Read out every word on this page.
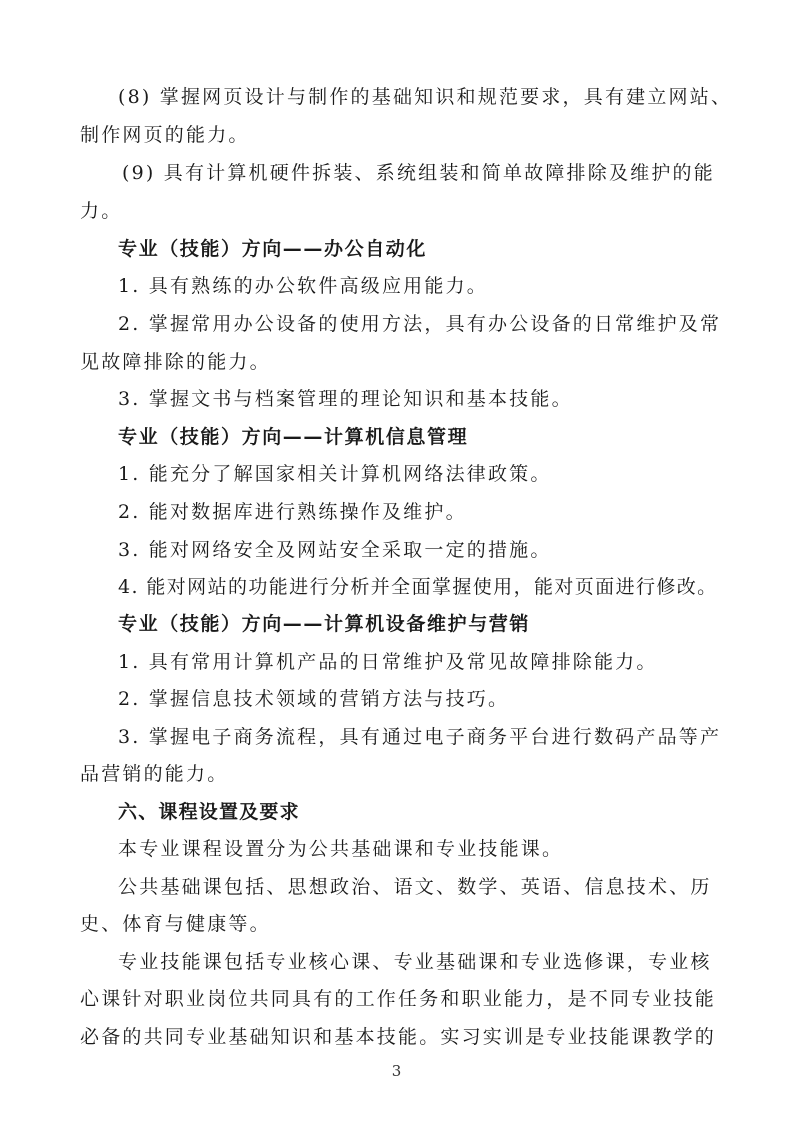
(8) 掌握网页设计与制作的基础知识和规范要求，具有建立网站、
制作网页的能力。
(9) 具有计算机硬件拆装、系统组装和简单故障排除及维护的能
力。
专业（技能）方向——办公自动化
1. 具有熟练的办公软件高级应用能力。
2. 掌握常用办公设备的使用方法，具有办公设备的日常维护及常
见故障排除的能力。
3. 掌握文书与档案管理的理论知识和基本技能。
专业（技能）方向——计算机信息管理
1. 能充分了解国家相关计算机网络法律政策。
2. 能对数据库进行熟练操作及维护。
3. 能对网络安全及网站安全采取一定的措施。
4. 能对网站的功能进行分析并全面掌握使用，能对页面进行修改。
专业（技能）方向——计算机设备维护与营销
1. 具有常用计算机产品的日常维护及常见故障排除能力。
2. 掌握信息技术领域的营销方法与技巧。
3. 掌握电子商务流程，具有通过电子商务平台进行数码产品等产
品营销的能力。
六、课程设置及要求
本专业课程设置分为公共基础课和专业技能课。
公共基础课包括、思想政治、语文、数学、英语、信息技术、历
史、体育与健康等。
专业技能课包括专业核心课、专业基础课和专业选修课，专业核
心课针对职业岗位共同具有的工作任务和职业能力，是不同专业技能
必备的共同专业基础知识和基本技能。实习实训是专业技能课教学的
3
